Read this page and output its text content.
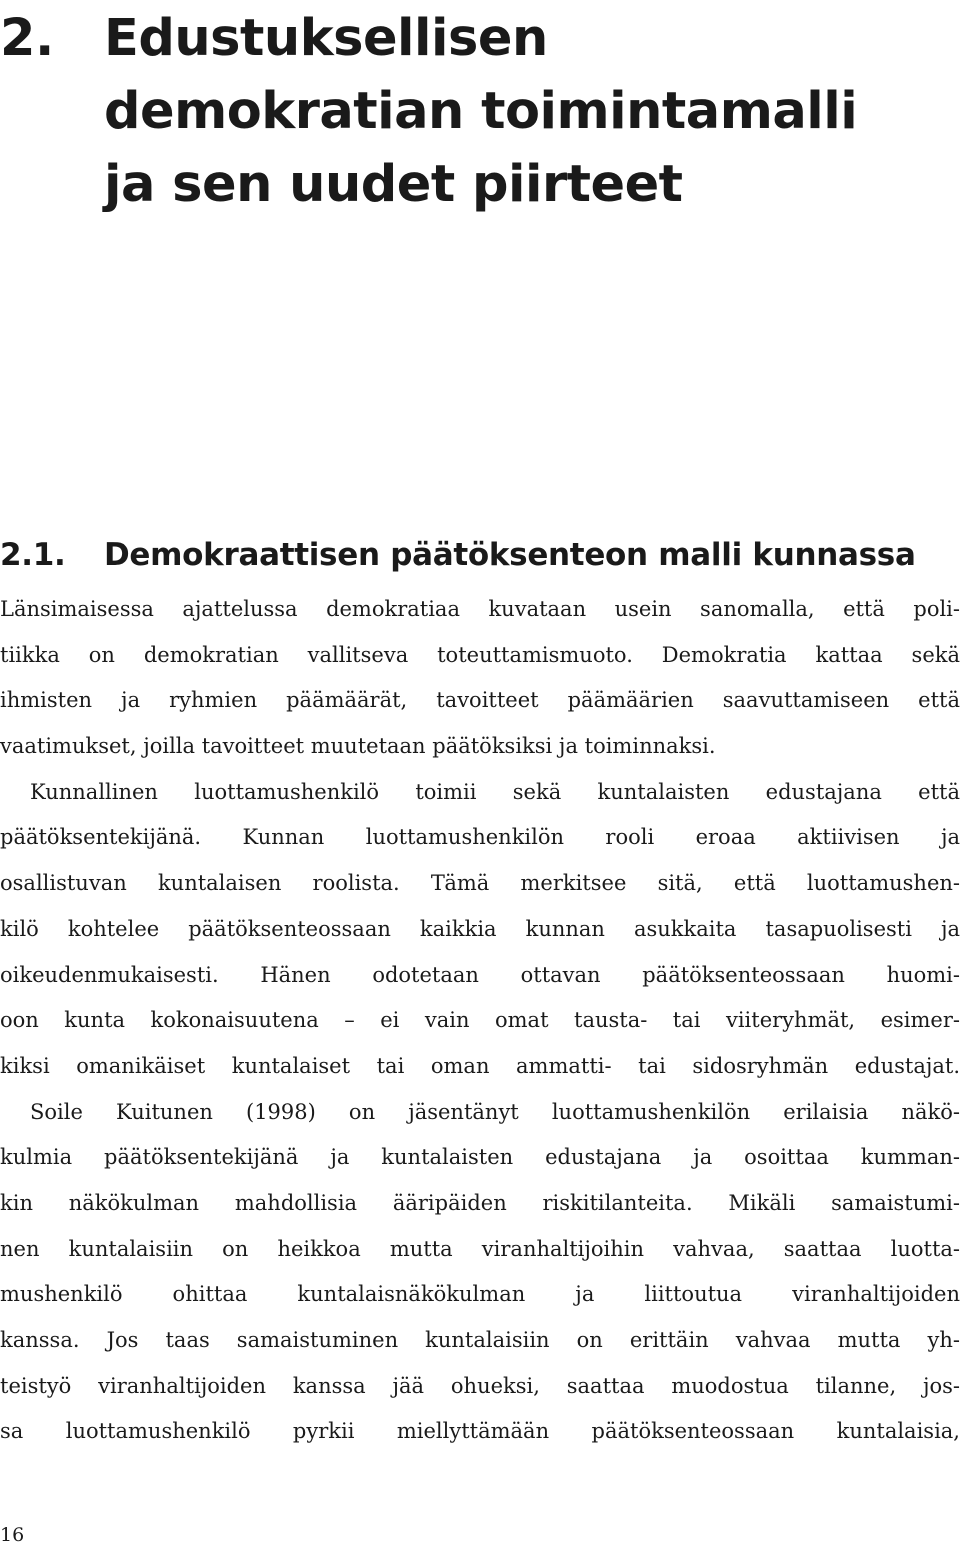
2. Edustuksellisen demokratian toimintamalli ja sen uudet piirteet
2.1. Demokraattisen päätöksenteon malli kunnassa
Länsimaisessa ajattelussa demokratiaa kuvataan usein sanomalla, että poli-
tiikka on demokratian vallitseva toteuttamismuoto. Demokratia kattaa sekä
ihmisten ja ryhmien päämäärät, tavoitteet päämäärien saavuttamiseen että
vaatimukset, joilla tavoitteet muutetaan päätöksiksi ja toiminnaksi.
Kunnallinen luottamushenkilö toimii sekä kuntalaisten edustajana että
päätöksentekijänä. Kunnan luottamushenkilön rooli eroaa aktiivisen ja
osallistuvan kuntalaisen roolista. Tämä merkitsee sitä, että luottamushen-
kilö kohtelee päätöksenteossaan kaikkia kunnan asukkaita tasapuolisesti ja
oikeudenmukaisesti. Hänen odotetaan ottavan päätöksenteossaan huomi-
oon kunta kokonaisuutena – ei vain omat tausta- tai viiteryhmät, esimer-
kiksi omanikäiset kuntalaiset tai oman ammatti- tai sidosryhmän edustajat.
Soile Kuitunen (1998) on jäsentänyt luottamushenkilön erilaisia näkö-
kulmia päätöksentekijänä ja kuntalaisten edustajana ja osoittaa kumman-
kin näkökulman mahdollisia ääripäiden riskitilanteita. Mikäli samaistumi-
nen kuntalaisiin on heikkoa mutta viranhaltijoihin vahvaa, saattaa luotta-
mushenkilö ohittaa kuntalaisnäkökulman ja liittoutua viranhaltijoiden
kanssa. Jos taas samaistuminen kuntalaisiin on erittäin vahvaa mutta yh-
teistyö viranhaltijoiden kanssa jää ohueksi, saattaa muodostua tilanne, jos-
sa luottamushenkilö pyrkii miellyttämään päätöksenteossaan kuntalaisia,
16
